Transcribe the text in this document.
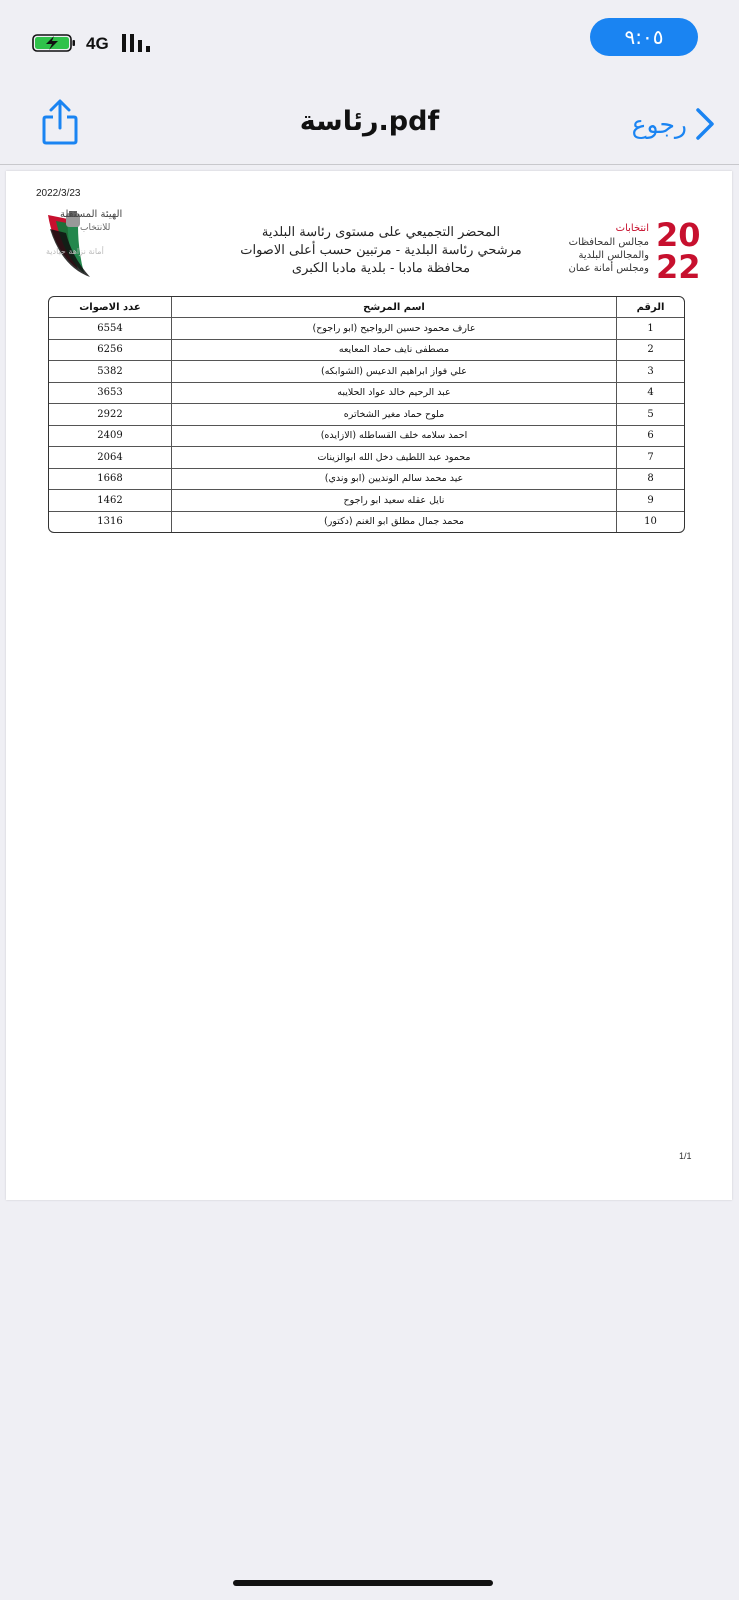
4G	٩:٠٥
رئاسة.pdf	رجوع
2022/3/23
الهيئة المستقلة
للانتخاب
أمانة نزاهة حيادية
المحضر التجميعي على مستوى رئاسة البلدية
مرشحي رئاسة البلدية - مرتبين حسب أعلى الاصوات
محافظة مادبا - بلدية مادبا الكبرى
20
22
انتخابات
مجالس المحافظات
والمجالس البلدية
ومجلس أمانة عمان
الرقم	اسم المرشح	عدد الاصوات
1	عارف محمود حسين الرواجيح (ابو راجوح)	6554
2	مصطفى نايف حماد المعايعه	6256
3	علي فواز ابراهيم الدعيس (الشوابكه)	5382
4	عبد الرحيم خالد عواد الحلايبه	3653
5	ملوح حماد مغير الشخاتره	2922
6	احمد سلامه خلف القساطله (الازايده)	2409
7	محمود عبد اللطيف دخل الله ابوالزينات	2064
8	عيد محمد سالم الونديين (ابو وندي)	1668
9	نايل عقله سعيد ابو راجوح	1462
10	محمد جمال مطلق ابو الغنم (دكتور)	1316
1/1
